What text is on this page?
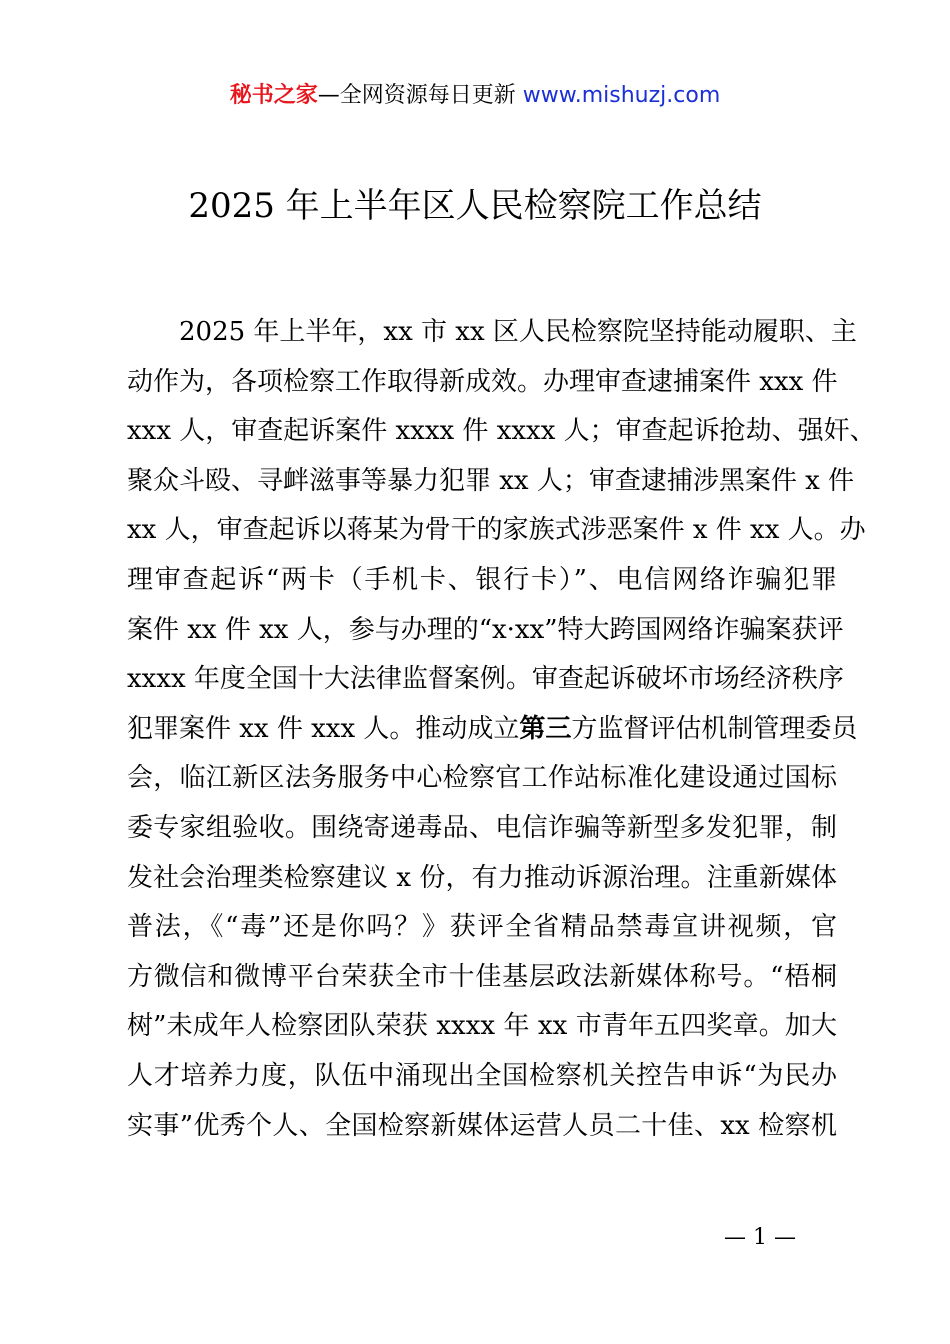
秘书之家—全网资源每日更新 www.mishuzj.com
2025 年上半年区人民检察院工作总结
2025 年上半年，xx 市 xx 区人民检察院坚持能动履职、主
动作为，各项检察工作取得新成效。办理审查逮捕案件 xxx 件
xxx 人，审查起诉案件 xxxx 件 xxxx 人；审查起诉抢劫、强奸、
聚众斗殴、寻衅滋事等暴力犯罪 xx 人；审查逮捕涉黑案件 x 件
xx 人，审查起诉以蒋某为骨干的家族式涉恶案件 x 件 xx 人。办
理审查起诉“两卡（手机卡、银行卡）”、电信网络诈骗犯罪
案件 xx 件 xx 人，参与办理的“x·xx”特大跨国网络诈骗案获评
xxxx 年度全国十大法律监督案例。审查起诉破坏市场经济秩序
犯罪案件 xx 件 xxx 人。推动成立第三方监督评估机制管理委员
会，临江新区法务服务中心检察官工作站标准化建设通过国标
委专家组验收。围绕寄递毒品、电信诈骗等新型多发犯罪，制
发社会治理类检察建议 x 份，有力推动诉源治理。注重新媒体
普法，《“毒”还是你吗？》获评全省精品禁毒宣讲视频，官
方微信和微博平台荣获全市十佳基层政法新媒体称号。“梧桐
树”未成年人检察团队荣获 xxxx 年 xx 市青年五四奖章。加大
人才培养力度，队伍中涌现出全国检察机关控告申诉“为民办
实事”优秀个人、全国检察新媒体运营人员二十佳、xx 检察机
— 1 —
